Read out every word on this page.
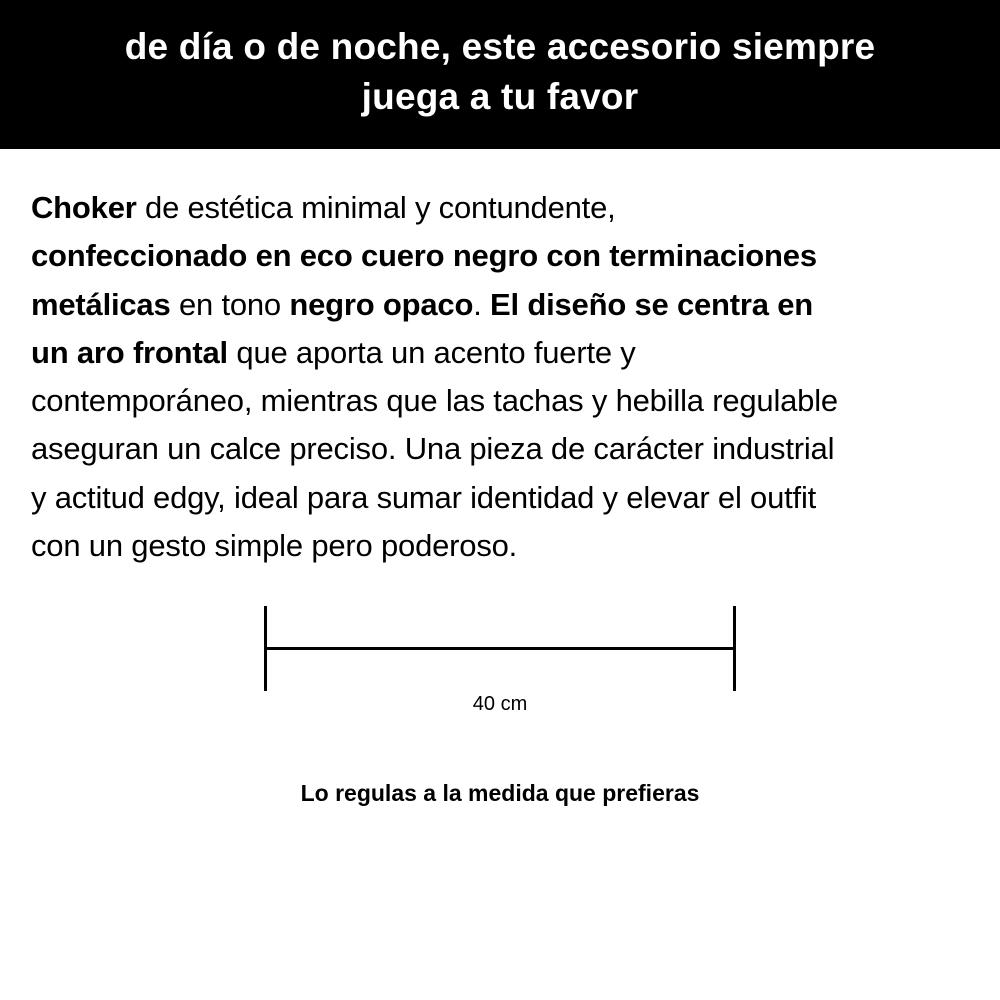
de día o de noche, este accesorio siempre
juega a tu favor
Choker de estética minimal y contundente,
confeccionado en eco cuero negro con terminaciones
metálicas en tono negro opaco. El diseño se centra en
un aro frontal que aporta un acento fuerte y
contemporáneo, mientras que las tachas y hebilla regulable
aseguran un calce preciso. Una pieza de carácter industrial
y actitud edgy, ideal para sumar identidad y elevar el outfit
con un gesto simple pero poderoso.
40 cm
Lo regulas a la medida que prefieras
